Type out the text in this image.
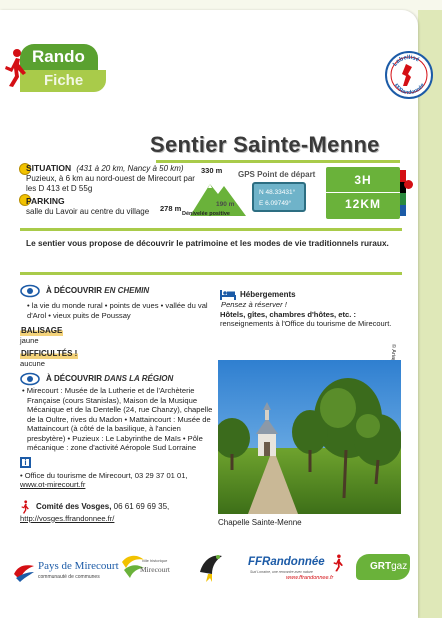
Rando
Fiche
Labellisé
FFRandonnée
Sentier Sainte-Menne
SITUATION (431 à 20 km, Nancy à 50 km)
Puzieux, à 6 km au nord-ouest de Mirecourt par les D 413 et D 55g
PARKING
salle du Lavoir au centre du village
330 m
278 m	190 m
Dénivelée positive
GPS Point de départ
N 48.33431°
E 6.09749°
3H
12KM
Le sentier vous propose de découvrir le patrimoine et les modes de vie traditionnels ruraux.
À DÉCOUVRIR EN CHEMIN
• la vie du monde rural • points de vues • vallée du val d'Arol • vieux puits de Poussay
BALISAGE
jaune
DIFFICULTÉS !
aucune
À DÉCOUVRIR DANS LA RÉGION
• Mirecourt : Musée de la Lutherie et de l'Archèterie Française (cours Stanislas), Maison de la Musique Mécanique et de la Dentelle (24, rue Chanzy), chapelle de la Oultre, rives du Madon • Mattaincourt : Musée de Mattaincourt (à côté de la basilique, à l'ancien presbytère) • Puzieux : Le Labyrinthe de Maïs • Pôle mécanique : zone d'activité Aéropole Sud Lorraine
i
• Office du tourisme de Mirecourt, 03 29 37 01 01,
www.ot-mirecourt.fr
Comité des Vosges, 06 61 69 69 35,
http://vosges.ffrandonnee.fr/
Hébergements
Pensez à réserver !
Hôtels, gîtes, chambres d'hôtes, etc. : renseignements à l'Office du tourisme de Mirecourt.
Chapelle Sainte-Menne
Pays de Mirecourt
communauté de communes
ville historique
Mirecourt
FFRandonnée
Sud Lorraine, une rencontre avec nature
www.ffrandonnee.fr
GRTgaz
